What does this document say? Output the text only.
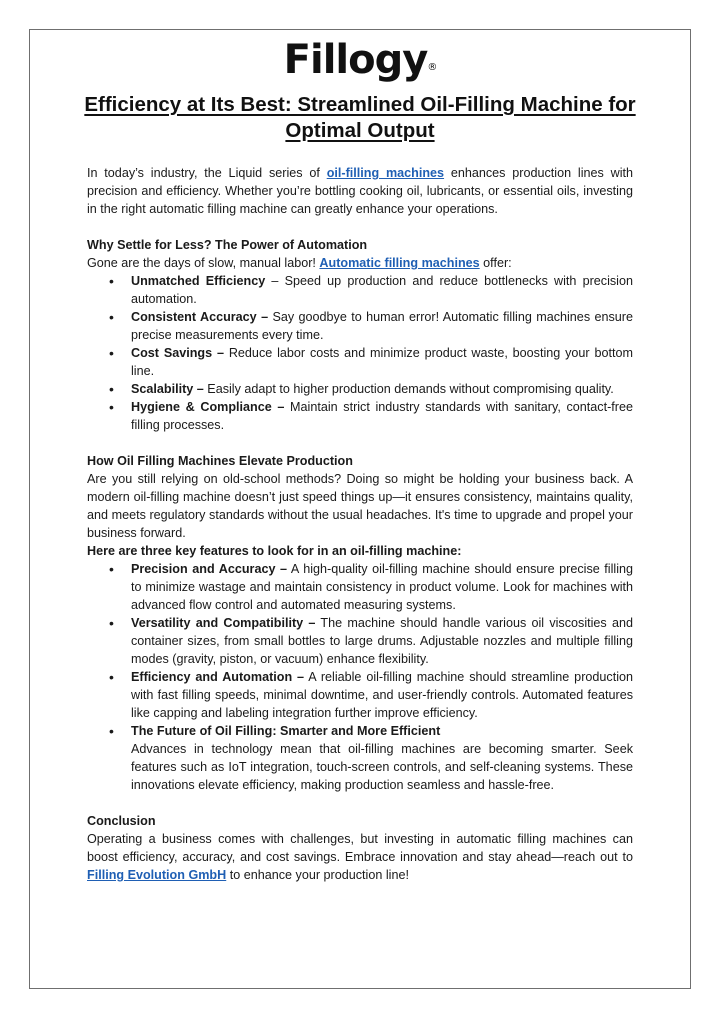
Fillogy®
Efficiency at Its Best: Streamlined Oil-Filling Machine for Optimal Output

In today’s industry, the Liquid series of oil-filling machines enhances production lines with precision and efficiency. Whether you’re bottling cooking oil, lubricants, or essential oils, investing in the right automatic filling machine can greatly enhance your operations.

Why Settle for Less? The Power of Automation

Gone are the days of slow, manual labor! Automatic filling machines offer:

• Unmatched Efficiency – Speed up production and reduce bottlenecks with precision automation.
• Consistent Accuracy – Say goodbye to human error! Automatic filling machines ensure precise measurements every time.
• Cost Savings – Reduce labor costs and minimize product waste, boosting your bottom line.
• Scalability – Easily adapt to higher production demands without compromising quality.
• Hygiene & Compliance – Maintain strict industry standards with sanitary, contact-free filling processes.

How Oil Filling Machines Elevate Production

Are you still relying on old-school methods? Doing so might be holding your business back. A modern oil-filling machine doesn’t just speed things up—it ensures consistency, maintains quality, and meets regulatory standards without the usual headaches. It's time to upgrade and propel your business forward.

Here are three key features to look for in an oil-filling machine:

• Precision and Accuracy – A high-quality oil-filling machine should ensure precise filling to minimize wastage and maintain consistency in product volume. Look for machines with advanced flow control and automated measuring systems.
• Versatility and Compatibility – The machine should handle various oil viscosities and container sizes, from small bottles to large drums. Adjustable nozzles and multiple filling modes (gravity, piston, or vacuum) enhance flexibility.
• Efficiency and Automation – A reliable oil-filling machine should streamline production with fast filling speeds, minimal downtime, and user-friendly controls. Automated features like capping and labeling integration further improve efficiency.
• The Future of Oil Filling: Smarter and More Efficient
Advances in technology mean that oil-filling machines are becoming smarter. Seek features such as IoT integration, touch-screen controls, and self-cleaning systems. These innovations elevate efficiency, making production seamless and hassle-free.

Conclusion

Operating a business comes with challenges, but investing in automatic filling machines can boost efficiency, accuracy, and cost savings. Embrace innovation and stay ahead—reach out to Filling Evolution GmbH to enhance your production line!
